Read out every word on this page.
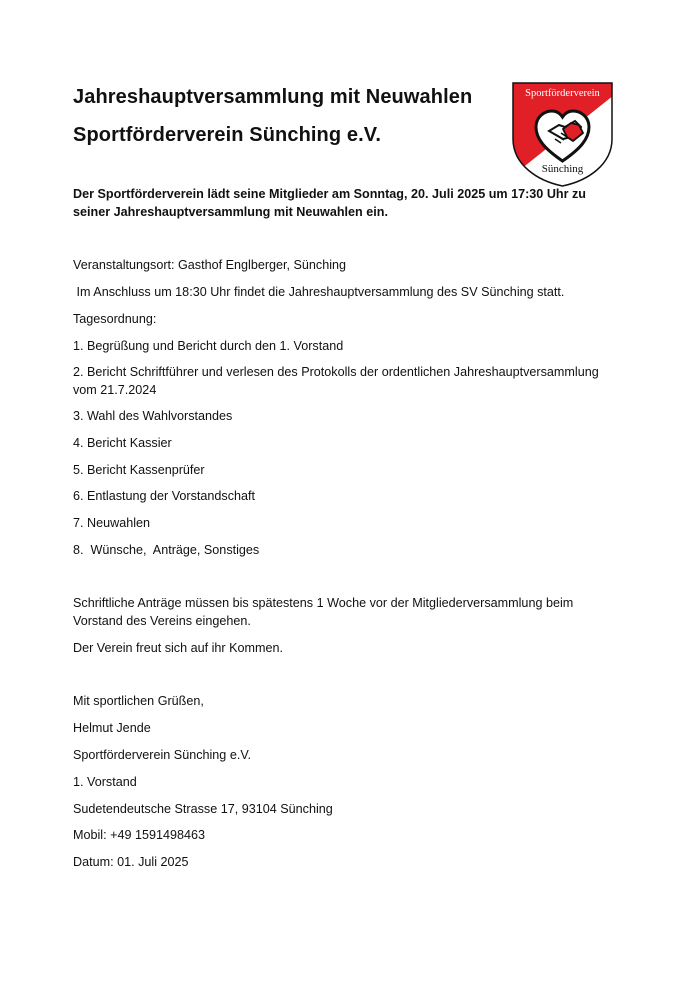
Jahreshauptversammlung mit Neuwahlen
Sportförderverein Sünching e.V.
Sportförderverein
Sünching

Der Sportförderverein lädt seine Mitglieder am Sonntag, 20. Juli 2025 um 17:30 Uhr zu seiner Jahreshauptversammlung mit Neuwahlen ein.

Veranstaltungsort: Gasthof Englberger, Sünching

Im Anschluss um 18:30 Uhr findet die Jahreshauptversammlung des SV Sünching statt.

Tagesordnung:

1. Begrüßung und Bericht durch den 1. Vorstand

2. Bericht Schriftführer und verlesen des Protokolls der ordentlichen Jahreshauptversammlung vom 21.7.2024

3. Wahl des Wahlvorstandes

4. Bericht Kassier

5. Bericht Kassenprüfer

6. Entlastung der Vorstandschaft

7. Neuwahlen

8.  Wünsche,  Anträge, Sonstiges

Schriftliche Anträge müssen bis spätestens 1 Woche vor der Mitgliederversammlung beim Vorstand des Vereins eingehen.

Der Verein freut sich auf ihr Kommen.

Mit sportlichen Grüßen,

Helmut Jende

Sportförderverein Sünching e.V.

1. Vorstand

Sudetendeutsche Strasse 17, 93104 Sünching

Mobil: +49 1591498463

Datum: 01. Juli 2025
